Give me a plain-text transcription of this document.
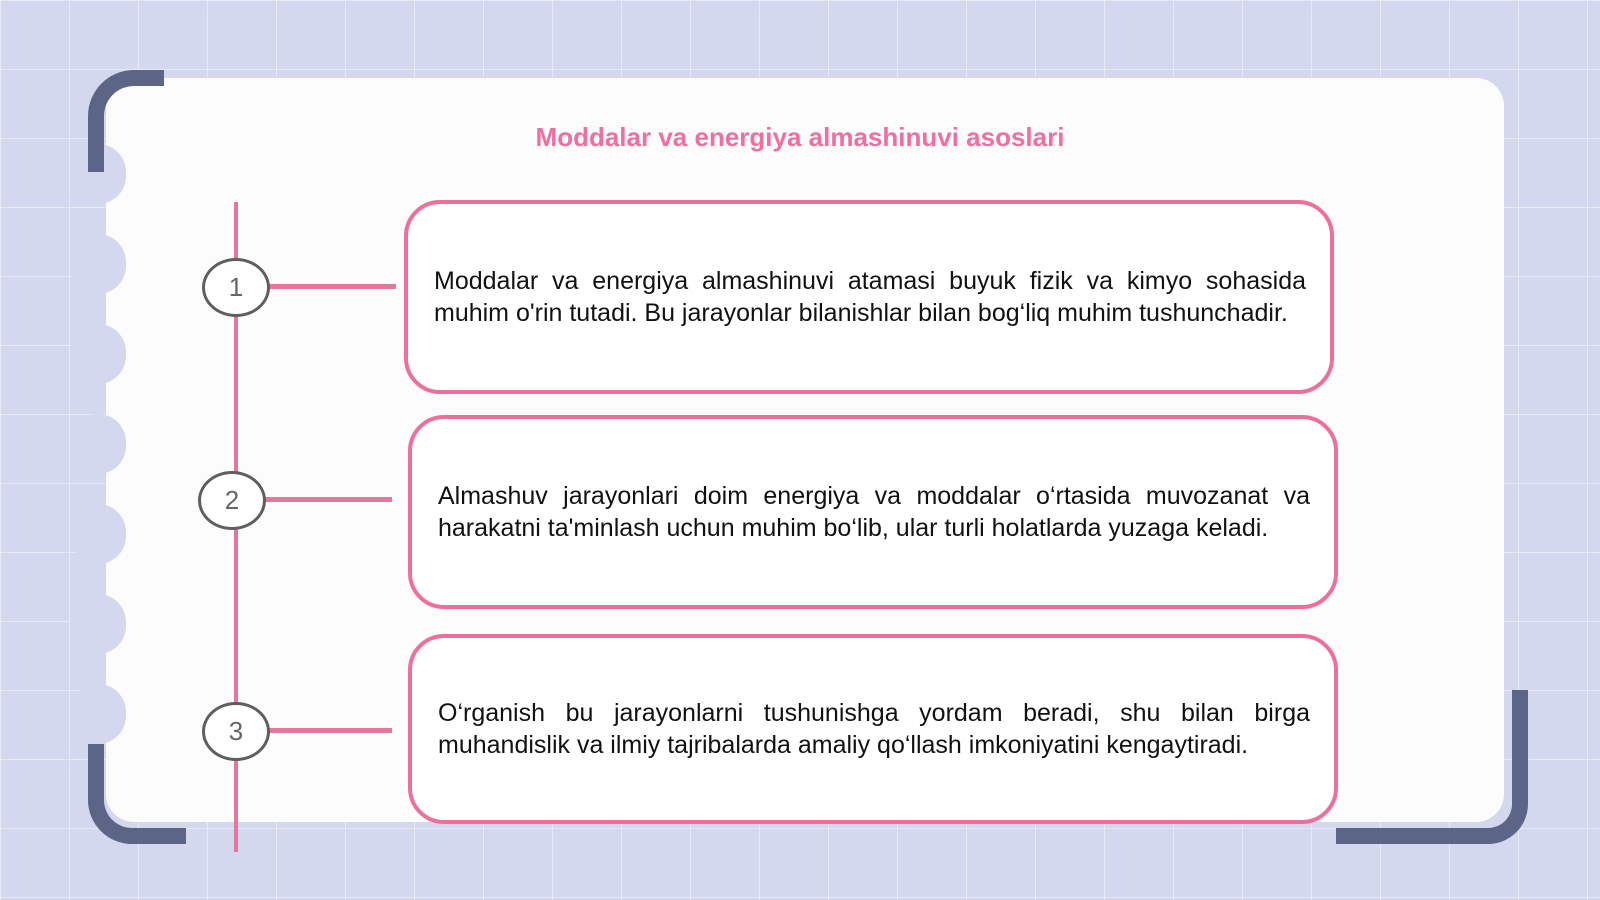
Moddalar va energiya almashinuvi asoslari
1
2
3
Moddalar va energiya almashinuvi atamasi buyuk fizik va kimyo sohasida muhim o'rin tutadi. Bu jarayonlar bilanishlar bilan bog‘liq muhim tushunchadir.
Almashuv jarayonlari doim energiya va moddalar o‘rtasida muvozanat va harakatni ta'minlash uchun muhim bo‘lib, ular turli holatlarda yuzaga keladi.
O‘rganish bu jarayonlarni tushunishga yordam beradi, shu bilan birga muhandislik va ilmiy tajribalarda amaliy qo‘llash imkoniyatini kengaytiradi.
